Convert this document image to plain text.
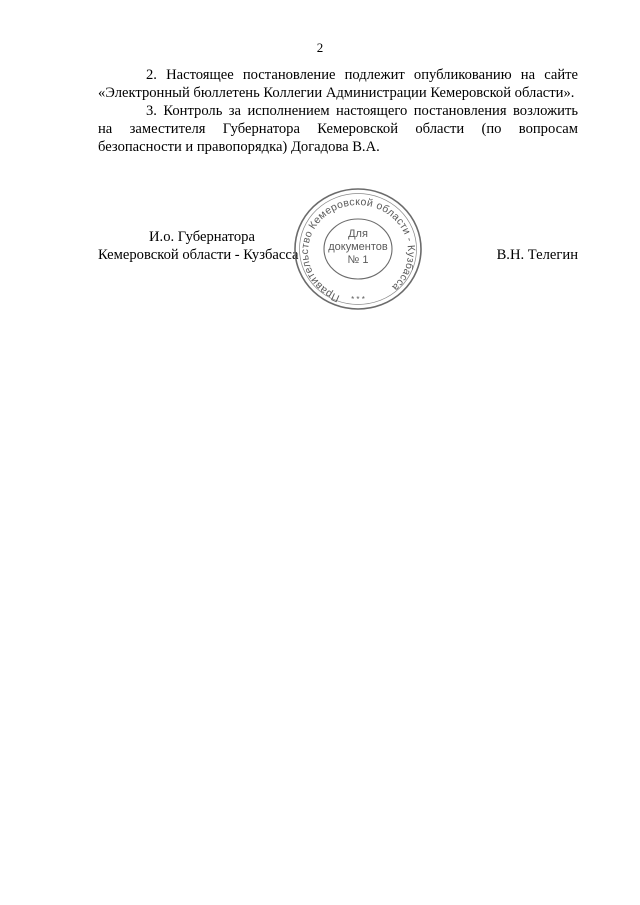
2

2. Настоящее постановление подлежит опубликованию на сайте «Электронный бюллетень Коллегии Администрации Кемеровской области».

3. Контроль за исполнением настоящего постановления возложить на заместителя Губернатора Кемеровской области (по вопросам безопасности и правопорядка) Догадова В.А.

И.о. Губернатора
Кемеровской области - Кузбасса	В.Н. Телегин
Правительство Кемеровской области - Кузбасса
* * *
Для
документов
№ 1
